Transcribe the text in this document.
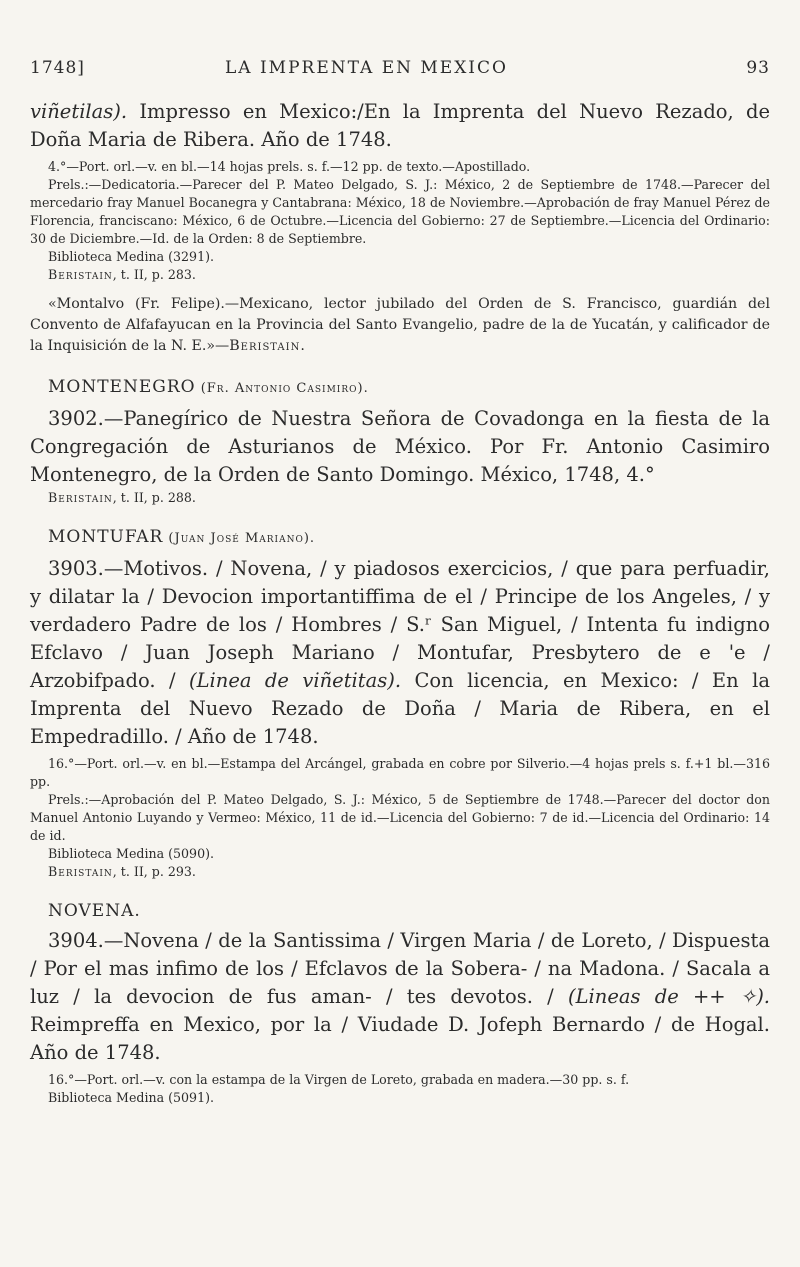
1748]	LA IMPRENTA EN MEXICO	93

viñetilas). Impresso en Mexico:/En la Imprenta del Nuevo Rezado, de Doña Maria de Ribera. Año de 1748.

4.°—Port. orl.—v. en bl.—14 hojas prels. s. f.—12 pp. de texto.—Apostillado.

Prels.:—Dedicatoria.—Parecer del P. Mateo Delgado, S. J.: México, 2 de Septiembre de 1748.—Parecer del mercedario fray Manuel Bocanegra y Cantabrana: México, 18 de Noviembre.—Aprobación de fray Manuel Pérez de Florencia, franciscano: México, 6 de Octubre.—Licencia del Gobierno: 27 de Septiembre.—Licencia del Ordinario: 30 de Diciembre.—Id. de la Orden: 8 de Septiembre.

Biblioteca Medina (3291).

Beristain, t. II, p. 283.

«Montalvo (Fr. Felipe).—Mexicano, lector jubilado del Orden de S. Francisco, guardián del Convento de Alfafayucan en la Provincia del Santo Evangelio, padre de la de Yucatán, y calificador de la Inquisición de la N. E.»—Beristain.

MONTENEGRO (Fr. Antonio Casimiro).

3902.—Panegírico de Nuestra Señora de Covadonga en la fiesta de la Congregación de Asturianos de México. Por Fr. Antonio Casimiro Montenegro, de la Orden de Santo Domingo. México, 1748, 4.°

Beristain, t. II, p. 288.

MONTUFAR (Juan José Mariano).

3903.—Motivos. / Novena, / y piadosos exercicios, / que para perfuadir, y dilatar la / Devocion importantiffima de el / Principe de los Angeles, / y verdadero Padre de los / Hombres / S.ʳ San Miguel, / Intenta fu indigno Efclavo / Juan Joseph Mariano / Montufar, Presbytero de e 'e / Arzobifpado. / (Linea de viñetitas). Con licencia, en Mexico: / En la Imprenta del Nuevo Rezado de Doña / Maria de Ribera, en el Empedradillo. / Año de 1748.

16.°—Port. orl.—v. en bl.—Estampa del Arcángel, grabada en cobre por Silverio.—4 hojas prels s. f.+1 bl.—316 pp.

Prels.:—Aprobación del P. Mateo Delgado, S. J.: México, 5 de Septiembre de 1748.—Parecer del doctor don Manuel Antonio Luyando y Vermeo: México, 11 de id.—Licencia del Gobierno: 7 de id.—Licencia del Ordinario: 14 de id.

Biblioteca Medina (5090).

Beristain, t. II, p. 293.

NOVENA.

3904.—Novena / de la Santissima / Virgen Maria / de Loreto, / Dispuesta / Por el mas infimo de los / Efclavos de la Sobera- / na Madona. / Sacala a luz / la devocion de fus aman- / tes devotos. / (Lineas de ++ ✧). Reimpreffa en Mexico, por la / Viudade D. Jofeph Bernardo / de Hogal. Año de 1748.

16.°—Port. orl.—v. con la estampa de la Virgen de Loreto, grabada en madera.—30 pp. s. f.

Biblioteca Medina (5091).
